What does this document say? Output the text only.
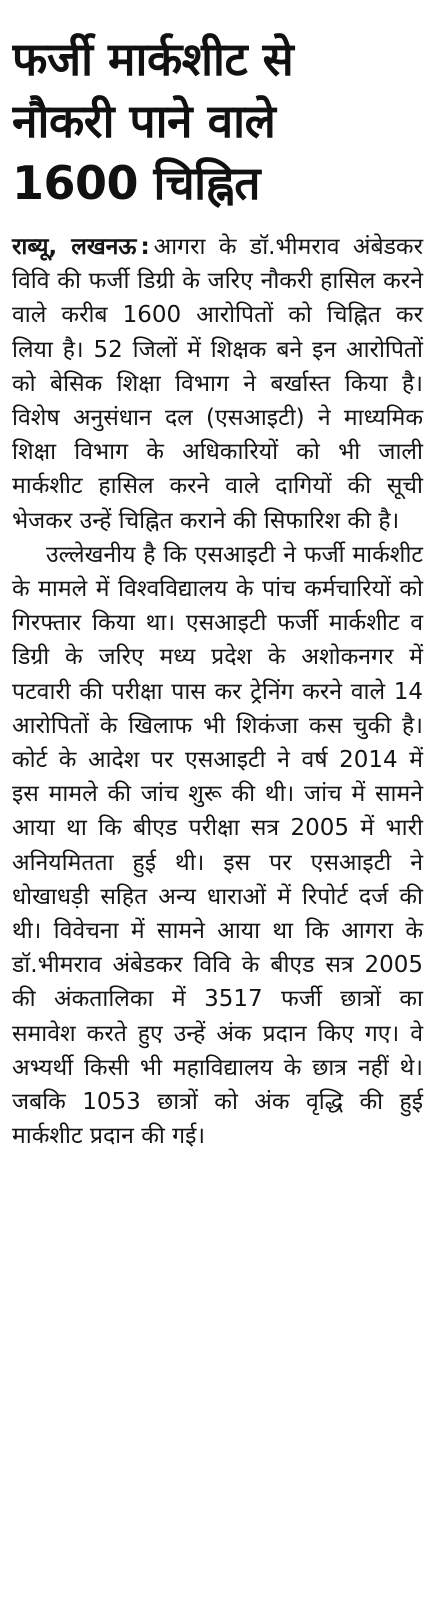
फर्जी मार्कशीट से
नौकरी पाने वाले
1600 चिह्नित

राब्यू, लखनऊ : आगरा के डॉ.भीमराव अंबेडकर विवि की फर्जी डिग्री के जरिए नौकरी हासिल करने वाले करीब 1600 आरोपितों को चिह्नित कर लिया है। 52 जिलों में शिक्षक बने इन आरोपितों को बेसिक शिक्षा विभाग ने बर्खास्त किया है। विशेष अनुसंधान दल (एसआइटी) ने माध्यमिक शिक्षा विभाग के अधिकारियों को भी जाली मार्कशीट हासिल करने वाले दागियों की सूची भेजकर उन्हें चिह्नित कराने की सिफारिश की है।

उल्लेखनीय है कि एसआइटी ने फर्जी मार्कशीट के मामले में विश्वविद्यालय के पांच कर्मचारियों को गिरफ्तार किया था। एसआइटी फर्जी मार्कशीट व डिग्री के जरिए मध्य प्रदेश के अशोकनगर में पटवारी की परीक्षा पास कर ट्रेनिंग करने वाले 14 आरोपितों के खिलाफ भी शिकंजा कस चुकी है। कोर्ट के आदेश पर एसआइटी ने वर्ष 2014 में इस मामले की जांच शुरू की थी। जांच में सामने आया था कि बीएड परीक्षा सत्र 2005 में भारी अनियमितता हुई थी। इस पर एसआइटी ने धोखाधड़ी सहित अन्य धाराओं में रिपोर्ट दर्ज की थी। विवेचना में सामने आया था कि आगरा के डॉ.भीमराव अंबेडकर विवि के बीएड सत्र 2005 की अंकतालिका में 3517 फर्जी छात्रों का समावेश करते हुए उन्हें अंक प्रदान किए गए। वे अभ्यर्थी किसी भी महाविद्यालय के छात्र नहीं थे। जबकि 1053 छात्रों को अंक वृद्धि की हुई मार्कशीट प्रदान की गई।
